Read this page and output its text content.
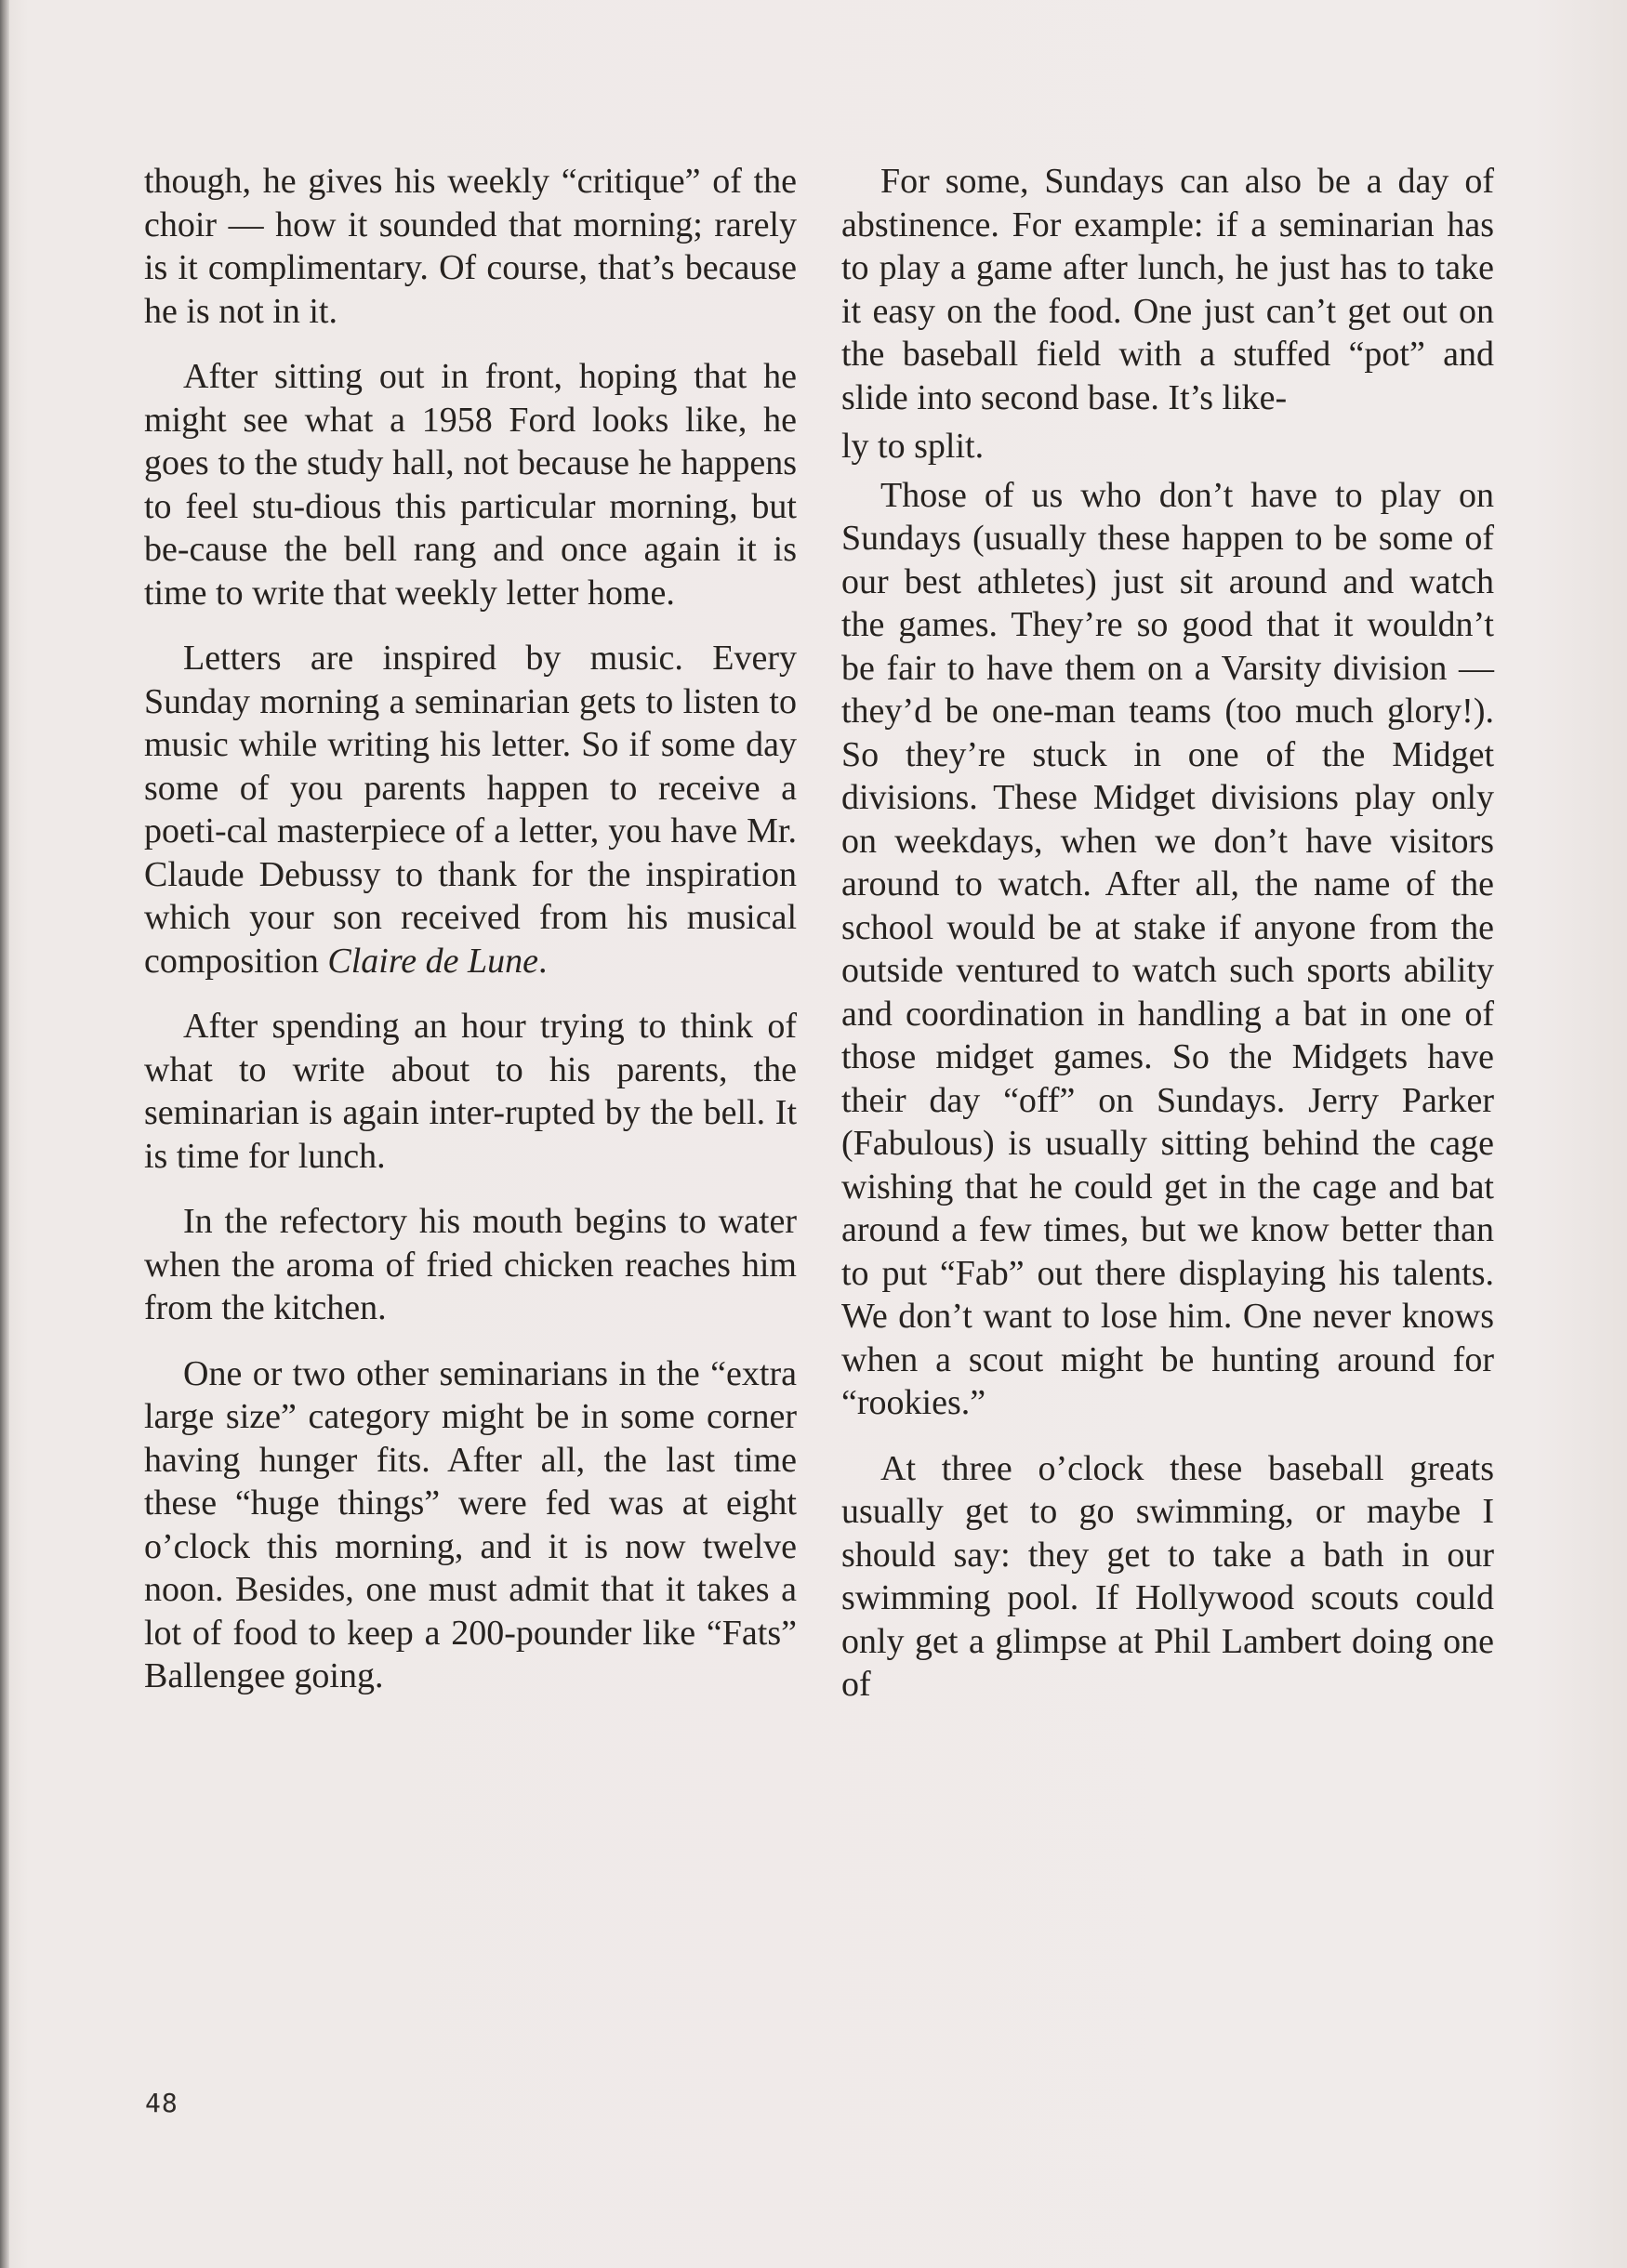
though, he gives his weekly “critique” of the choir — how it sounded that morning; rarely is it complimentary. Of course, that’s because he is not in it.

After sitting out in front, hoping that he might see what a 1958 Ford looks like, he goes to the study hall, not because he happens to feel stu-dious this particular morning, but be-cause the bell rang and once again it is time to write that weekly letter home.

Letters are inspired by music. Every Sunday morning a seminarian gets to listen to music while writing his letter. So if some day some of you parents happen to receive a poeti-cal masterpiece of a letter, you have Mr. Claude Debussy to thank for the inspiration which your son received from his musical composition Claire de Lune.

After spending an hour trying to think of what to write about to his parents, the seminarian is again inter-rupted by the bell. It is time for lunch.

In the refectory his mouth begins to water when the aroma of fried chicken reaches him from the kitchen.

One or two other seminarians in the “extra large size” category might be in some corner having hunger fits. After all, the last time these “huge things” were fed was at eight o’clock this morning, and it is now twelve noon. Besides, one must admit that it takes a lot of food to keep a 200-pounder like “Fats” Ballengee going.

For some, Sundays can also be a day of abstinence. For example: if a seminarian has to play a game after lunch, he just has to take it easy on the food. One just can’t get out on the baseball field with a stuffed “pot” and slide into second base. It’s like-

ly to split.

Those of us who don’t have to play on Sundays (usually these happen to be some of our best athletes) just sit around and watch the games. They’re so good that it wouldn’t be fair to have them on a Varsity division — they’d be one-man teams (too much glory!). So they’re stuck in one of the Midget divisions. These Midget divisions play only on weekdays, when we don’t have visitors around to watch. After all, the name of the school would be at stake if anyone from the outside ventured to watch such sports ability and coordination in handling a bat in one of those midget games. So the Midgets have their day “off” on Sundays. Jerry Parker (Fabulous) is usually sitting behind the cage wishing that he could get in the cage and bat around a few times, but we know better than to put “Fab” out there displaying his talents. We don’t want to lose him. One never knows when a scout might be hunting around for “rookies.”

At three o’clock these baseball greats usually get to go swimming, or maybe I should say: they get to take a bath in our swimming pool. If Hollywood scouts could only get a glimpse at Phil Lambert doing one of

48
